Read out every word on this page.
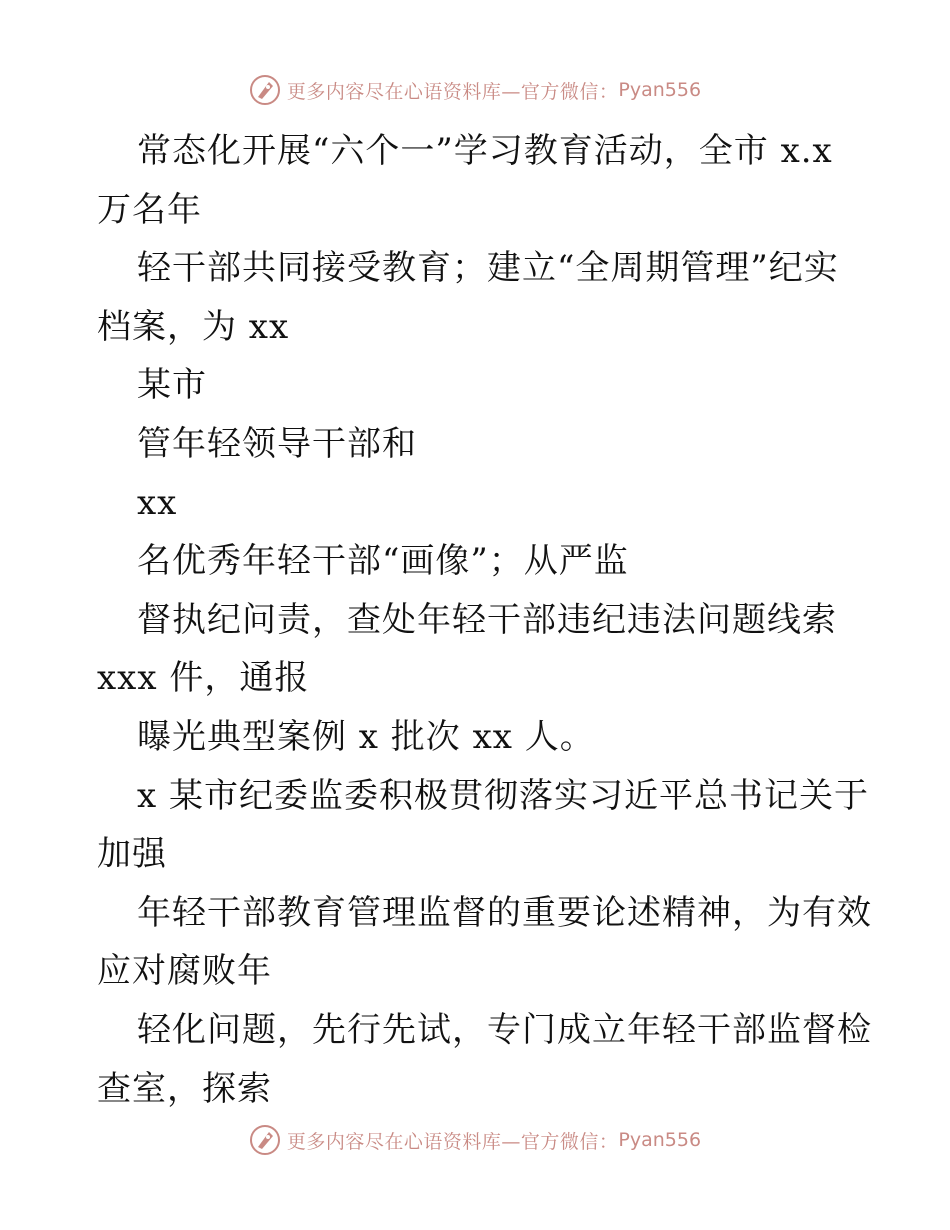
更多内容尽在心语资料库—官方微信： Pyan556
常态化开展“六个一”学习教育活动，全市 x.x
万名年
轻干部共同接受教育；建立“全周期管理”纪实
档案，为 xx
某市
管年轻领导干部和
xx
名优秀年轻干部“画像”；从严监
督执纪问责，查处年轻干部违纪违法问题线索
xxx 件，通报
曝光典型案例 x 批次 xx 人。
x 某市纪委监委积极贯彻落实习近平总书记关于
加强
年轻干部教育管理监督的重要论述精神，为有效
应对腐败年
轻化问题，先行先试，专门成立年轻干部监督检
查室，探索
更多内容尽在心语资料库—官方微信： Pyan556
